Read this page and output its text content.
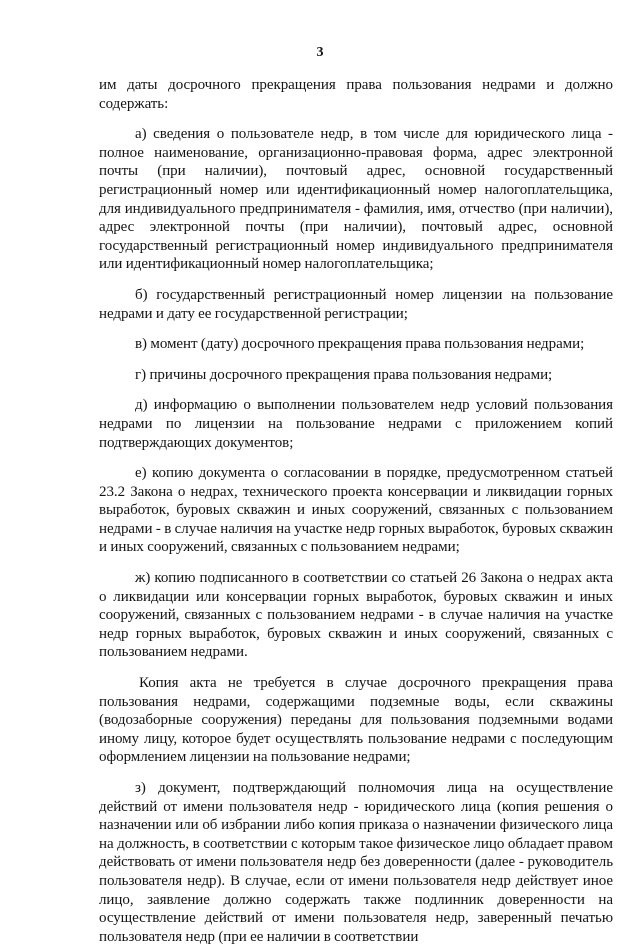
3

им даты досрочного прекращения права пользования недрами и должно содержать:

а) сведения о пользователе недр, в том числе для юридического лица - полное наименование, организационно-правовая форма, адрес электронной почты (при наличии), почтовый адрес, основной государственный регистрационный номер или идентификационный номер налогоплательщика, для индивидуального предпринимателя - фамилия, имя, отчество (при наличии), адрес электронной почты (при наличии), почтовый адрес, основной государственный регистрационный номер индивидуального предпринимателя или идентификационный номер налогоплательщика;

б) государственный регистрационный номер лицензии на пользование недрами и дату ее государственной регистрации;

в) момент (дату) досрочного прекращения права пользования недрами;

г) причины досрочного прекращения права пользования недрами;

д) информацию о выполнении пользователем недр условий пользования недрами по лицензии на пользование недрами с приложением копий подтверждающих документов;

е) копию документа о согласовании в порядке, предусмотренном статьей 23.2 Закона о недрах, технического проекта консервации и ликвидации горных выработок, буровых скважин и иных сооружений, связанных с пользованием недрами - в случае наличия на участке недр горных выработок, буровых скважин и иных сооружений, связанных с пользованием недрами;

ж) копию подписанного в соответствии со статьей 26 Закона о недрах акта о ликвидации или консервации горных выработок, буровых скважин и иных сооружений, связанных с пользованием недрами - в случае наличия на участке недр горных выработок, буровых скважин и иных сооружений, связанных с пользованием недрами.

Копия акта не требуется в случае досрочного прекращения права пользования недрами, содержащими подземные воды, если скважины (водозаборные сооружения) переданы для пользования подземными водами иному лицу, которое будет осуществлять пользование недрами с последующим оформлением лицензии на пользование недрами;

з) документ, подтверждающий полномочия лица на осуществление действий от имени пользователя недр - юридического лица (копия решения о назначении или об избрании либо копия приказа о назначении физического лица на должность, в соответствии с которым такое физическое лицо обладает правом действовать от имени пользователя недр без доверенности (далее - руководитель пользователя недр). В случае, если от имени пользователя недр действует иное лицо, заявление должно содержать также подлинник доверенности на осуществление действий от имени пользователя недр, заверенный печатью пользователя недр (при ее наличии в соответствии
